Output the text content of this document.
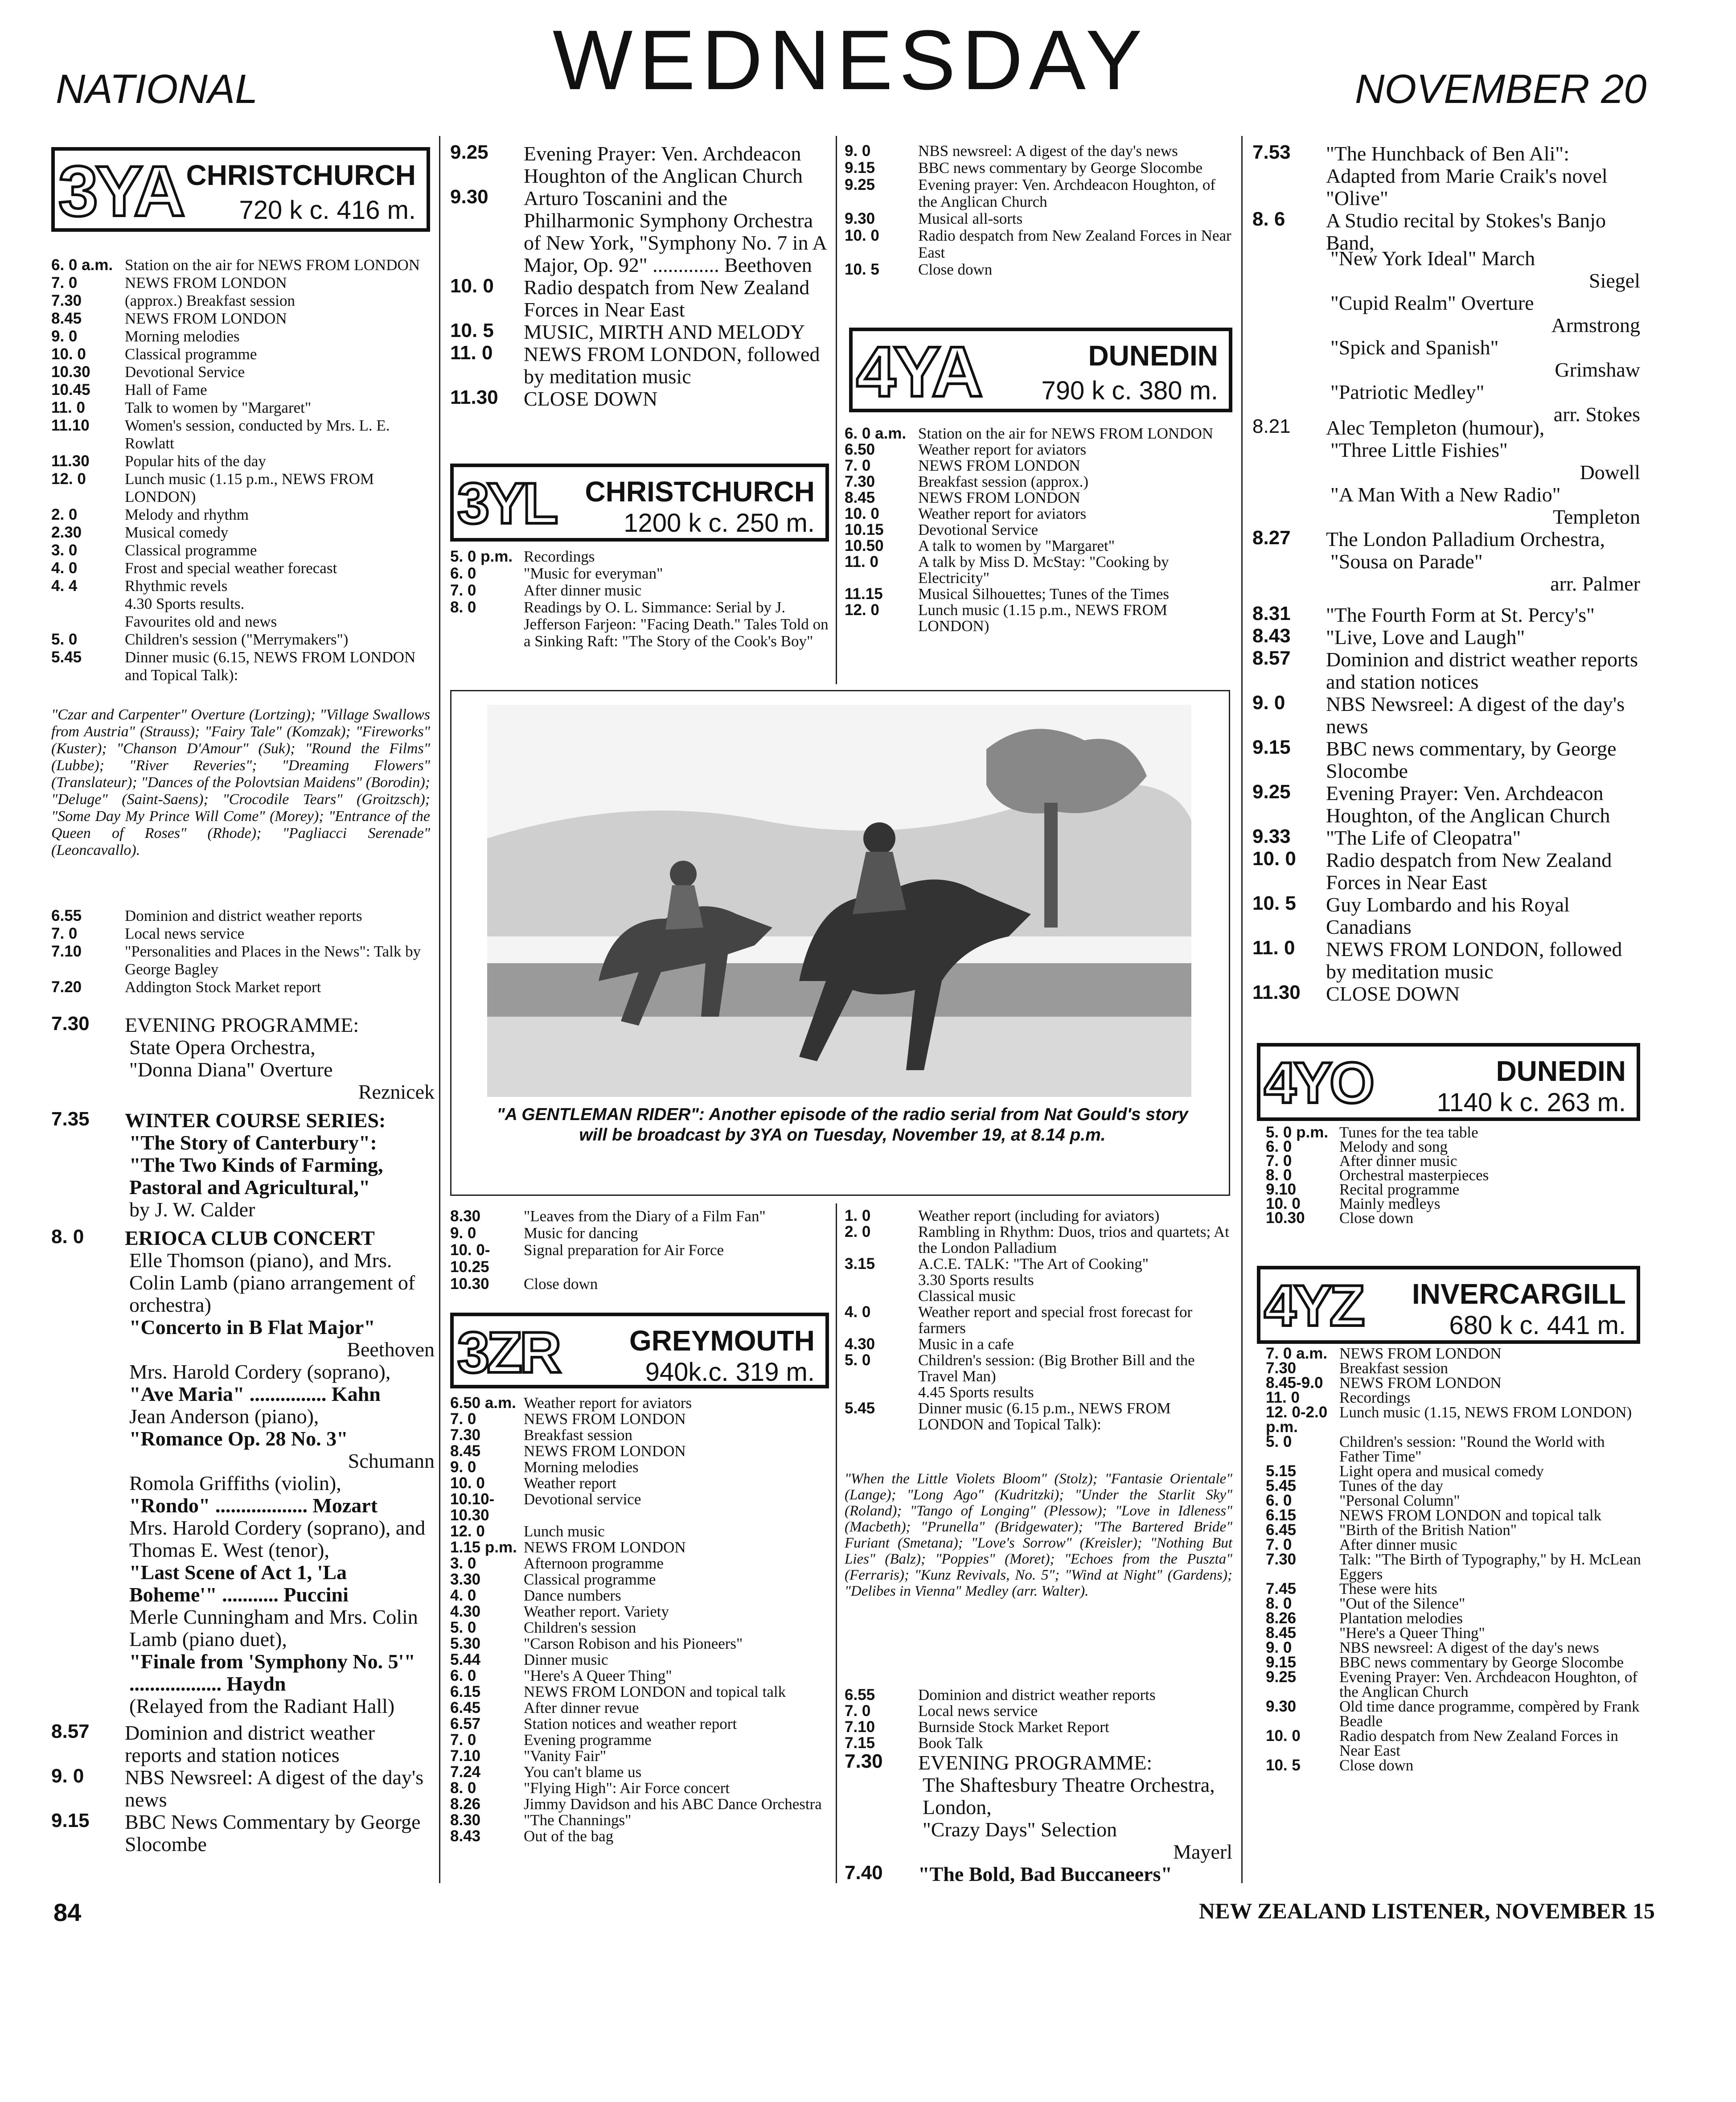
WEDNESDAY
NATIONAL	NOVEMBER 20
3YA CHRISTCHURCH
720 k c. 416 m.
6. 0 a.m. Station on the air for NEWS FROM LONDON
7. 0	NEWS FROM LONDON
7.30	(approx.) Breakfast session
8.45	NEWS FROM LONDON
9. 0	Morning melodies
10. 0	Classical programme
10.30	Devotional Service
10.45	Hall of Fame
11. 0	Talk to women by "Margaret"
11.10	Women's session, conducted by Mrs. L. E. Rowlatt
11.30	Popular hits of the day
12. 0	Lunch music (1.15 p.m., NEWS FROM LONDON)
2. 0	Melody and rhythm
2.30	Musical comedy
3. 0	Classical programme
4. 0	Frost and special weather forecast
4. 4	Rhythmic revels
4.30 Sports results.
Favourites old and news
5. 0	Children's session ("Merrymakers")
5.45	Dinner music (6.15, NEWS FROM LONDON and Topical Talk):
"Czar and Carpenter" Overture (Lortzing); "Village Swallows from Austria" (Strauss); "Fairy Tale" (Komzak); "Fireworks" (Kuster); "Chanson D'Amour" (Suk); "Round the Films" (Lubbe); "River Reveries"; "Dreaming Flowers" (Translateur); "Dances of the Polovtsian Maidens" (Borodin); "Deluge" (Saint-Saens); "Crocodile Tears" (Groitzsch); "Some Day My Prince Will Come" (Morey); "Entrance of the Queen of Roses" (Rhode); "Pagliacci Serenade" (Leoncavallo).
6.55	Dominion and district weather reports
7. 0	Local news service
7.10	"Personalities and Places in the News": Talk by George Bagley
7.20	Addington Stock Market report
7.30	EVENING PROGRAMME:
State Opera Orchestra,
"Donna Diana" Overture
Reznicek
7.35	WINTER COURSE SERIES:
"The Story of Canterbury":
"The Two Kinds of Farming, Pastoral and Agricultural,"
by J. W. Calder
8. 0	ERIOCA CLUB CONCERT
Elle Thomson (piano), and Mrs. Colin Lamb (piano arrangement of orchestra)
"Concerto in B Flat Major"
Beethoven
Mrs. Harold Cordery (soprano),
"Ave Maria" ............... Kahn
Jean Anderson (piano),
"Romance Op. 28 No. 3"
Schumann
Romola Griffiths (violin),
"Rondo" .................. Mozart
Mrs. Harold Cordery (soprano), and Thomas E. West (tenor),
"Last Scene of Act 1, 'La Boheme'" ........... Puccini
Merle Cunningham and Mrs. Colin Lamb (piano duet),
"Finale from 'Symphony No. 5'" .................. Haydn
(Relayed from the Radiant Hall)
8.57	Dominion and district weather reports and station notices
9. 0	NBS Newsreel: A digest of the day's news
9.15	BBC News Commentary by George Slocombe
9.25	Evening Prayer: Ven. Archdeacon Houghton of the Anglican Church
9.30	Arturo Toscanini and the Philharmonic Symphony Orchestra of New York, "Symphony No. 7 in A Major, Op. 92" ............. Beethoven
10. 0	Radio despatch from New Zealand Forces in Near East
10. 5	MUSIC, MIRTH AND MELODY
11. 0	NEWS FROM LONDON, followed by meditation music
11.30	CLOSE DOWN
3YL CHRISTCHURCH
1200 k c. 250 m.
5. 0 p.m. Recordings
6. 0	"Music for everyman"
7. 0	After dinner music
8. 0	Readings by O. L. Simmance: Serial by J. Jefferson Farjeon: "Facing Death." Tales Told on a Sinking Raft: "The Story of the Cook's Boy"
9. 0	NBS newsreel: A digest of the day's news
9.15	BBC news commentary by George Slocombe
9.25	Evening prayer: Ven. Archdeacon Houghton, of the Anglican Church
9.30	Musical all-sorts
10. 0	Radio despatch from New Zealand Forces in Near East
10. 5	Close down
4YA	DUNEDIN
790 k c. 380 m.
6. 0 a.m. Station on the air for NEWS FROM LONDON
6.50	Weather report for aviators
7. 0	NEWS FROM LONDON
7.30	Breakfast session (approx.)
8.45	NEWS FROM LONDON
10. 0	Weather report for aviators
10.15	Devotional Service
10.50	A talk to women by "Margaret"
11. 0	A talk by Miss D. McStay: "Cooking by Electricity"
11.15	Musical Silhouettes; Tunes of the Times
12. 0	Lunch music (1.15 p.m., NEWS FROM LONDON)
"A GENTLEMAN RIDER": Another episode of the radio serial from Nat Gould's story will be broadcast by 3YA on Tuesday, November 19, at 8.14 p.m.
8.30	"Leaves from the Diary of a Film Fan"
9. 0	Music for dancing
10. 0-10.25
Signal preparation for Air Force
10.30	Close down
3ZR GREYMOUTH
940k.c. 319 m.
6.50 a.m. Weather report for aviators
7. 0	NEWS FROM LONDON
7.30	Breakfast session
8.45	NEWS FROM LONDON
9. 0	Morning melodies
10. 0	Weather report
10.10-10.30
Devotional service
12. 0	Lunch music
1.15 p.m. NEWS FROM LONDON
3. 0	Afternoon programme
3.30	Classical programme
4. 0	Dance numbers
4.30	Weather report. Variety
5. 0	Children's session
5.30	"Carson Robison and his Pioneers"
5.44	Dinner music
6. 0	"Here's A Queer Thing"
6.15	NEWS FROM LONDON and topical talk
6.45	After dinner revue
6.57	Station notices and weather report
7. 0	Evening programme
7.10	"Vanity Fair"
7.24	You can't blame us
8. 0	"Flying High": Air Force concert
8.26	Jimmy Davidson and his ABC Dance Orchestra
8.30	"The Channings"
8.43	Out of the bag
1. 0	Weather report (including for aviators)
2. 0	Rambling in Rhythm: Duos, trios and quartets; At the London Palladium
3.15	A.C.E. TALK: "The Art of Cooking"
3.30 Sports results
Classical music
4. 0	Weather report and special frost forecast for farmers
4.30	Music in a cafe
5. 0	Children's session: (Big Brother Bill and the Travel Man)
4.45 Sports results
5.45	Dinner music (6.15 p.m., NEWS FROM LONDON and Topical Talk):
"When the Little Violets Bloom" (Stolz); "Fantasie Orientale" (Lange); "Long Ago" (Kudritzki); "Under the Starlit Sky" (Roland); "Tango of Longing" (Plessow); "Love in Idleness" (Macbeth); "Prunella" (Bridgewater); "The Bartered Bride" Furiant (Smetana); "Love's Sorrow" (Kreisler); "Nothing But Lies" (Balz); "Poppies" (Moret); "Echoes from the Puszta" (Ferraris); "Kunz Revivals, No. 5"; "Wind at Night" (Gardens); "Delibes in Vienna" Medley (arr. Walter).
6.55	Dominion and district weather reports
7. 0	Local news service
7.10	Burnside Stock Market Report
7.15	Book Talk
7.30	EVENING PROGRAMME:
The Shaftesbury Theatre Orchestra, London,
"Crazy Days" Selection
Mayerl
7.40	"The Bold, Bad Buccaneers"
7.53	"The Hunchback of Ben Ali": Adapted from Marie Craik's novel "Olive"
8. 6	A Studio recital by Stokes's Banjo Band,
"New York Ideal" March
Siegel
"Cupid Realm" Overture
Armstrong
"Spick and Spanish"
Grimshaw
"Patriotic Medley"
arr. Stokes
8.21	Alec Templeton (humour),
"Three Little Fishies"
Dowell
"A Man With a New Radio"
Templeton
8.27	The London Palladium Orchestra,
"Sousa on Parade"
arr. Palmer
8.31	"The Fourth Form at St. Percy's"
8.43	"Live, Love and Laugh"
8.57	Dominion and district weather reports and station notices
9. 0	NBS Newsreel: A digest of the day's news
9.15	BBC news commentary, by George Slocombe
9.25	Evening Prayer: Ven. Archdeacon Houghton, of the Anglican Church
9.33	"The Life of Cleopatra"
10. 0	Radio despatch from New Zealand Forces in Near East
10. 5	Guy Lombardo and his Royal Canadians
11. 0	NEWS FROM LONDON, followed by meditation music
11.30	CLOSE DOWN
4YO	DUNEDIN
1140 k c. 263 m.
5. 0 p.m. Tunes for the tea table
6. 0	Melody and song
7. 0	After dinner music
8. 0	Orchestral masterpieces
9.10	Recital programme
10. 0	Mainly medleys
10.30	Close down
4YZ INVERCARGILL
680 k c. 441 m.
7. 0 a.m. NEWS FROM LONDON
7.30	Breakfast session
8.45-9.0	NEWS FROM LONDON
11. 0	Recordings
12. 0-2.0 p.m.
Lunch music (1.15, NEWS FROM LONDON)
5. 0	Children's session: "Round the World with Father Time"
5.15	Light opera and musical comedy
5.45	Tunes of the day
6. 0	"Personal Column"
6.15	NEWS FROM LONDON and topical talk
6.45	"Birth of the British Nation"
7. 0	After dinner music
7.30	Talk: "The Birth of Typography," by H. McLean Eggers
7.45	These were hits
8. 0	"Out of the Silence"
8.26	Plantation melodies
8.45	"Here's a Queer Thing"
9. 0	NBS newsreel: A digest of the day's news
9.15	BBC news commentary by George Slocombe
9.25	Evening Prayer: Ven. Archdeacon Houghton, of the Anglican Church
9.30	Old time dance programme, compèred by Frank Beadle
10. 0	Radio despatch from New Zealand Forces in Near East
10. 5	Close down
84	NEW ZEALAND LISTENER, NOVEMBER 15
